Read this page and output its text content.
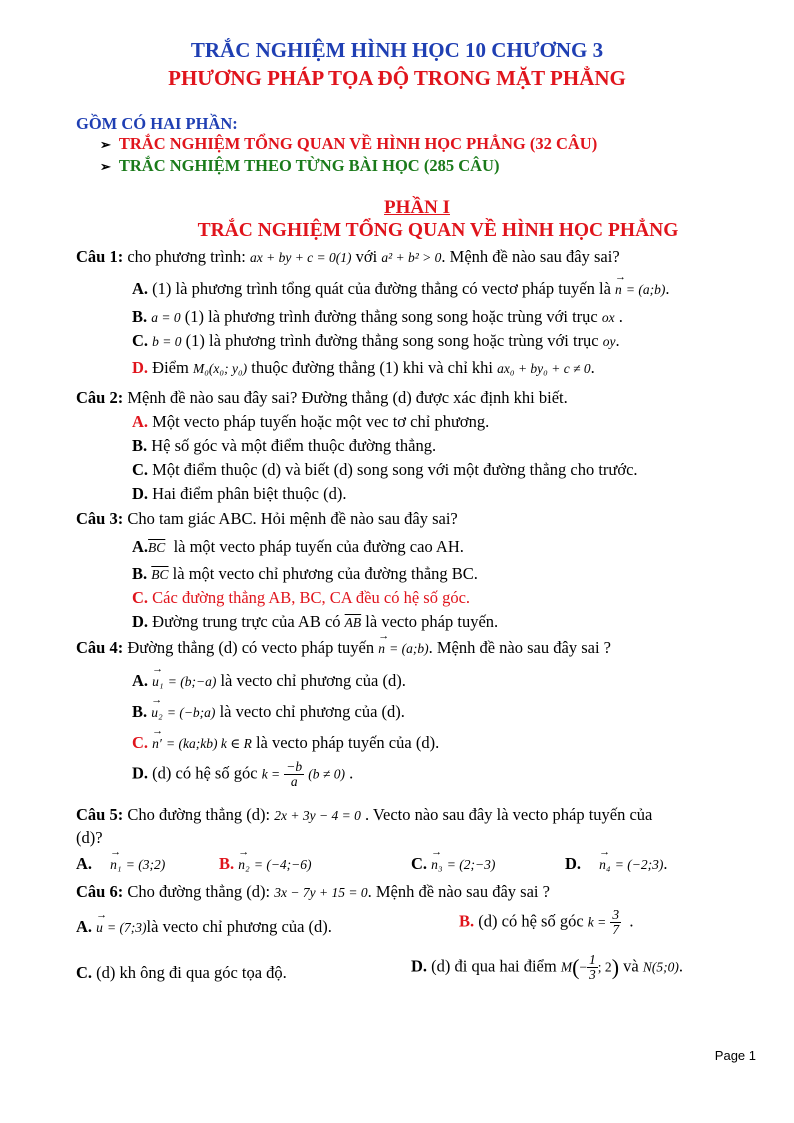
TRẮC NGHIỆM HÌNH HỌC 10 CHƯƠNG 3
PHƯƠNG PHÁP TỌA ĐỘ TRONG MẶT PHẲNG
GỒM CÓ HAI PHẦN:
➢ TRẮC NGHIỆM TỔNG QUAN VỀ HÌNH HỌC PHẲNG (32 CÂU)
➢ TRẮC NGHIỆM THEO TỪNG BÀI HỌC (285 CÂU)
PHẦN I
TRẮC NGHIỆM TỔNG QUAN VỀ HÌNH HỌC PHẲNG
Câu 1: cho phương trình: ax + by + c = 0(1) với a² + b² > 0. Mệnh đề nào sau đây sai?
A. (1) là phương trình tổng quát của đường thẳng có vectơ pháp tuyến là → n = (a;b).
B. a = 0 (1) là phương trình đường thẳng song song hoặc trùng với trục ox .
C. b = 0 (1) là phương trình đường thẳng song song hoặc trùng với trục oy.
D. Điểm M₀(x₀; y₀) thuộc đường thẳng (1) khi và chỉ khi ax₀ + by₀ + c ≠ 0.
Câu 2: Mệnh đề nào sau đây sai? Đường thẳng (d) được xác định khi biết.
A. Một vecto pháp tuyến hoặc một vec tơ chỉ phương.
B. Hệ số góc và một điểm thuộc đường thẳng.
C. Một điểm thuộc (d) và biết (d) song song với một đường thẳng cho trước.
D. Hai điểm phân biệt thuộc (d).
Câu 3: Cho tam giác ABC. Hỏi mệnh đề nào sau đây sai?
$A.\overline{BC}$ là một vecto pháp tuyến của đường cao AH.
B. $\overline{BC}$ là một vecto chỉ phương của đường thẳng BC.
C. Các đường thẳng AB, BC, CA đều có hệ số góc.
D. Đường trung trực của AB có $\overline{AB}$ là vecto pháp tuyến.
Câu 4: Đường thẳng (d) có vecto pháp tuyến → n = (a;b). Mệnh đề nào sau đây sai ?
A. → u₁ = (b;−a) là vecto chỉ phương của (d).
B. → u₂ = (−b;a) là vecto chỉ phương của (d).
C. → n′ = (ka;kb) k ∈ R là vecto pháp tuyến của (d).
D. (d) có hệ số góc $k = \frac{-b}{a} (b \ne 0)$ .
Câu 5: Cho đường thẳng (d): 2x + 3y − 4 = 0 . Vecto nào sau đây là vecto pháp tuyến của
(d)?
A. → n₁ = (3;2)	B. → n₂ = (−4;−6)	C. → n₃ = (2;−3)	D. → n₄ = (−2;3).
Câu 6: Cho đường thẳng (d): 3x − 7y + 15 = 0. Mệnh đề nào sau đây sai ?
A. → u = (7;3)là vecto chỉ phương của (d).	B. (d) có hệ số góc $k = \frac{3}{7}$ .
C. (d) kh ông đi qua góc tọa độ.	D. (d) đi qua hai điểm $M(- \frac{1}{3}$ ; 2) và N(5;0).
Page 1
